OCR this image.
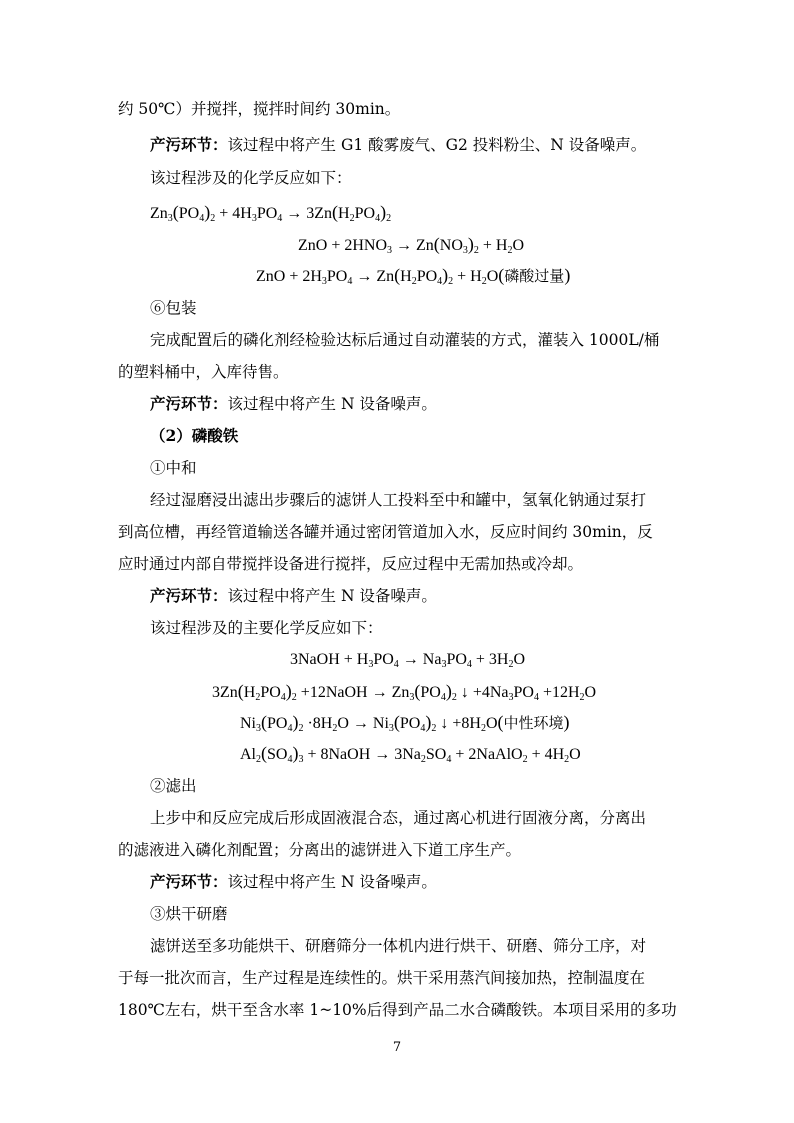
约 50℃）并搅拌，搅拌时间约 30min。
产污环节：该过程中将产生 G1 酸雾废气、G2 投料粉尘、N 设备噪声。
该过程涉及的化学反应如下：
$Zn_3(PO_4)_2 + 4H_3PO_4 \to 3Zn(H_2PO_4)_2$
ZnO + $2HNO_3 \to Zn(NO_3)_2 + H_2O$
ZnO + $2H_3PO_4 \to Zn(H_2PO_4)_2 + H_2O$(磷酸过量)
⑥包装
完成配置后的磷化剂经检验达标后通过自动灌装的方式，灌装入 1000L/桶
的塑料桶中，入库待售。
产污环节：该过程中将产生 N 设备噪声。
（2）磷酸铁
①中和
经过湿磨浸出滤出步骤后的滤饼人工投料至中和罐中，氢氧化钠通过泵打
到高位槽，再经管道输送各罐并通过密闭管道加入水，反应时间约 30min，反
应时通过内部自带搅拌设备进行搅拌，反应过程中无需加热或冷却。
产污环节：该过程中将产生 N 设备噪声。
该过程涉及的主要化学反应如下：
3NaOH + $H_3PO_4 \to Na_3PO_4 + 3H_2O$
$3Zn(H_2PO_4)_2$ +12NaOH → $Zn_3(PO_4)_2$ ↓ $+4Na_3PO_4 +12H_2O$
$Ni_3(PO_4)_2 \cdot 8H_2O \to Ni_3(PO_4)_2$ ↓ $+8H_2O$(中性环境)
$Al_2(SO_4)_3$ + 8NaOH → $3Na_2SO_4$ + 2NaAlO$_2$ + $4H_2O$
②滤出
上步中和反应完成后形成固液混合态，通过离心机进行固液分离，分离出
的滤液进入磷化剂配置；分离出的滤饼进入下道工序生产。
产污环节：该过程中将产生 N 设备噪声。
③烘干研磨
滤饼送至多功能烘干、研磨筛分一体机内进行烘干、研磨、筛分工序，对
于每一批次而言，生产过程是连续性的。烘干采用蒸汽间接加热，控制温度在
180℃左右，烘干至含水率 1~10%后得到产品二水合磷酸铁。本项目采用的多功
7
